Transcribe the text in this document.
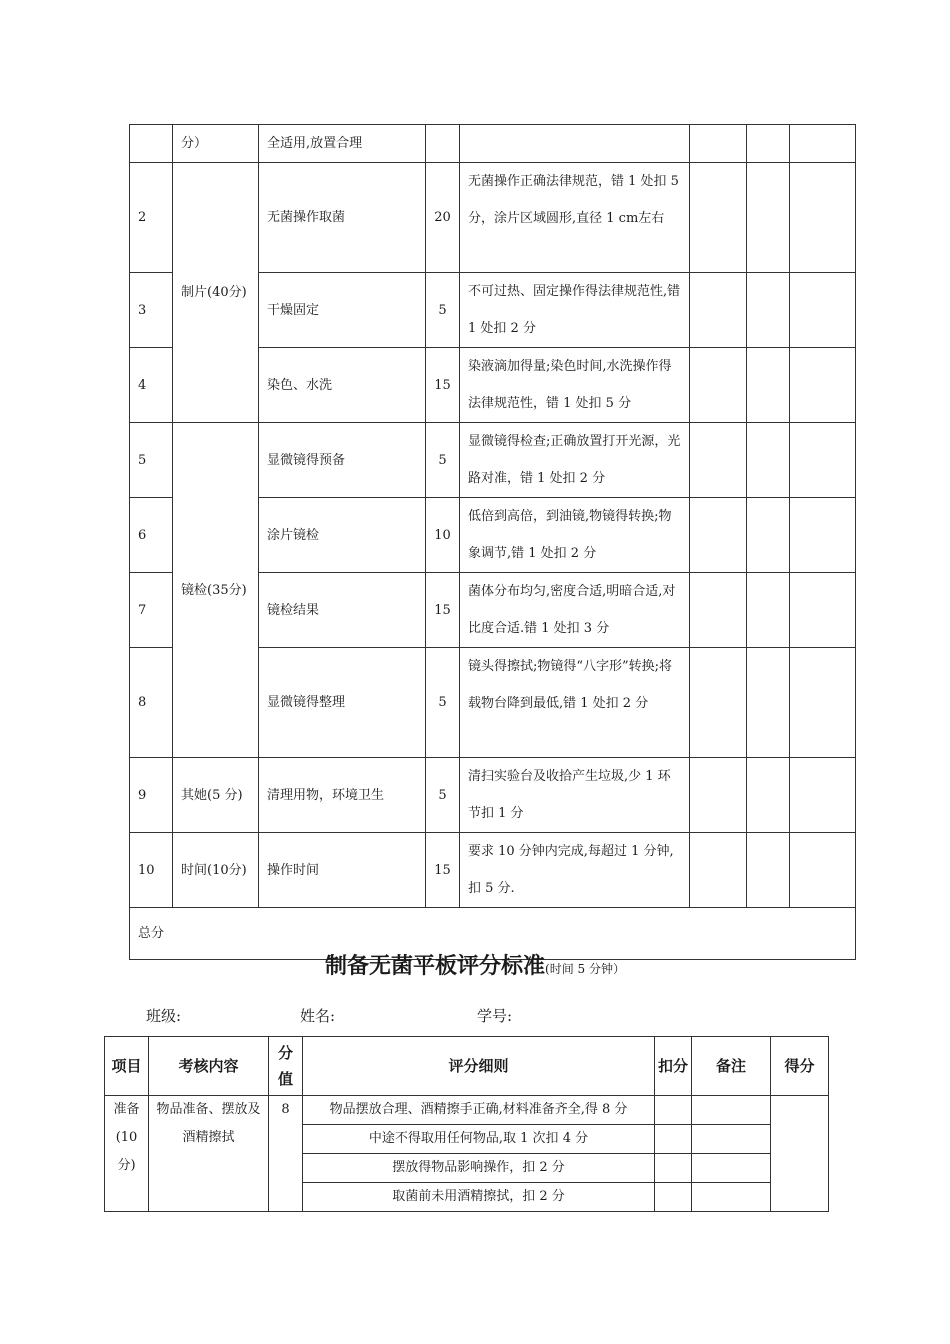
	分）	全适用,放置合理					
2	制片(40分)	无菌操作取菌	20	无菌操作正确法律规范，错 1 处扣 5 分，涂片区域圆形,直径 1 cm左右			
3		干燥固定	5	不可过热、固定操作得法律规范性,错 1 处扣 2 分			
4		染色、水洗	15	染液滴加得量;染色时间,水洗操作得法律规范性，错 1 处扣 5 分			
5	镜检(35分)	显微镜得预备	5	显微镜得检查;正确放置打开光源，光路对准，错 1 处扣 2 分			
6		涂片镜检	10	低倍到高倍，到油镜,物镜得转换;物象调节,错 1 处扣 2 分			
7		镜检结果	15	菌体分布均匀,密度合适,明暗合适,对比度合适.错 1 处扣 3 分			
8		显微镜得整理	5	镜头得擦拭;物镜得“八字形”转换;将载物台降到最低,错 1 处扣 2 分			
9	其她(5 分)	清理用物，环境卫生	5	清扫实验台及收拾产生垃圾,少 1 环节扣 1 分			
10	时间(10分)	操作时间	15	要求 10 分钟内完成,每超过 1 分钟,扣 5 分.			
总分							
制备无菌平板评分标准(时间 5 分钟）
班级:	姓名:	学号:
项目	考核内容	分值	评分细则	扣分	备注	得分
准备(10分)	物品准备、摆放及酒精擦拭	8	物品摆放合理、酒精擦手正确,材料准备齐全,得 8 分			
			中途不得取用任何物品,取 1 次扣 4 分			
			摆放得物品影响操作，扣 2 分			
			取菌前未用酒精擦拭，扣 2 分			
